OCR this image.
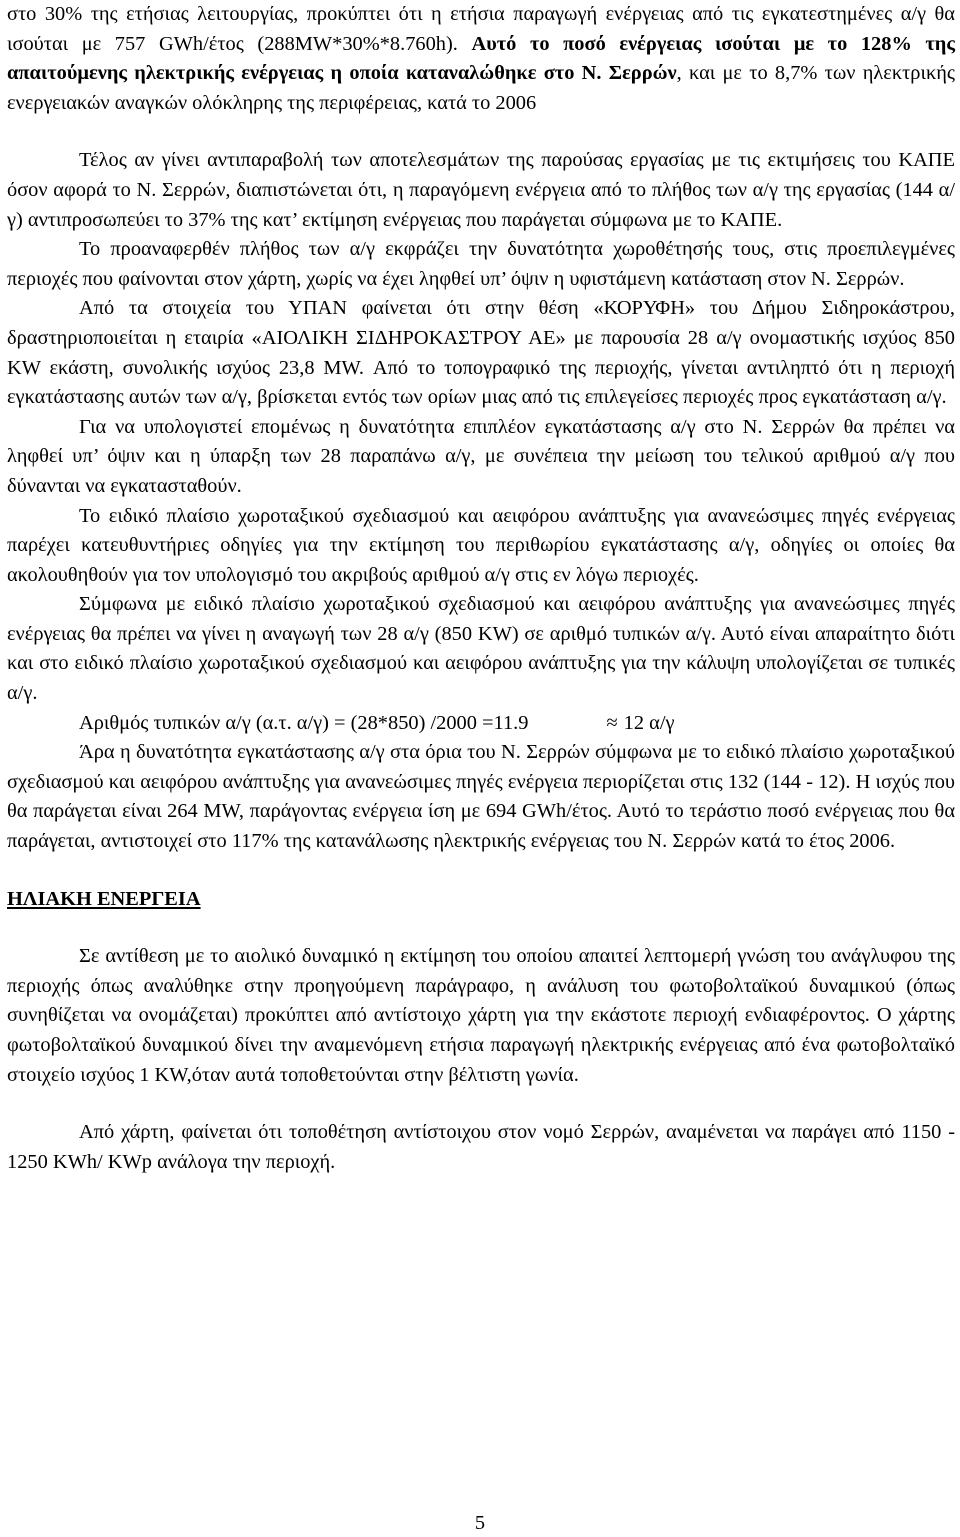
στο 30% της ετήσιας λειτουργίας, προκύπτει ότι η ετήσια παραγωγή ενέργειας από τις εγκατεστημένες α/γ θα ισούται με 757 GWh/έτος (288MW*30%*8.760h). Αυτό το ποσό ενέργειας ισούται με το 128% της απαιτούμενης ηλεκτρικής ενέργειας η οποία καταναλώθηκε στο Ν. Σερρών, και με το 8,7% των ηλεκτρικής ενεργειακών αναγκών ολόκληρης της περιφέρειας, κατά το 2006

Τέλος αν γίνει αντιπαραβολή των αποτελεσμάτων της παρούσας εργασίας με τις εκτιμήσεις του ΚΑΠΕ όσον αφορά το Ν. Σερρών, διαπιστώνεται ότι, η παραγόμενη ενέργεια από το πλήθος των α/γ της εργασίας (144 α/γ) αντιπροσωπεύει το 37% της κατ’ εκτίμηση ενέργειας που παράγεται σύμφωνα με το ΚΑΠΕ.

Το προαναφερθέν πλήθος των α/γ εκφράζει την δυνατότητα χωροθέτησής τους, στις προεπιλεγμένες περιοχές που φαίνονται στον χάρτη, χωρίς να έχει ληφθεί υπ’ όψιν η υφιστάμενη κατάσταση στον Ν. Σερρών.

Από τα στοιχεία του ΥΠΑΝ φαίνεται ότι στην θέση «ΚΟΡΥΦΗ» του Δήμου Σιδηροκάστρου, δραστηριοποιείται η εταιρία «ΑΙΟΛΙΚΗ ΣΙΔΗΡΟΚΑΣΤΡΟΥ ΑΕ» με παρουσία 28 α/γ ονομαστικής ισχύος 850 KW εκάστη, συνολικής ισχύος 23,8 MW. Από το τοπογραφικό της περιοχής, γίνεται αντιληπτό ότι η περιοχή εγκατάστασης αυτών των α/γ, βρίσκεται εντός των ορίων μιας από τις επιλεγείσες περιοχές προς εγκατάσταση α/γ.

Για να υπολογιστεί επομένως η δυνατότητα επιπλέον εγκατάστασης α/γ στο Ν. Σερρών θα πρέπει να ληφθεί υπ’ όψιν και η ύπαρξη των 28 παραπάνω α/γ, με συνέπεια την μείωση του τελικού αριθμού α/γ που δύνανται να εγκατασταθούν.

Το ειδικό πλαίσιο χωροταξικού σχεδιασμού και αειφόρου ανάπτυξης για ανανεώσιμες πηγές ενέργειας παρέχει κατευθυντήριες οδηγίες για την εκτίμηση του περιθωρίου εγκατάστασης α/γ, οδηγίες οι οποίες θα ακολουθηθούν για τον υπολογισμό του ακριβούς αριθμού α/γ στις εν λόγω περιοχές.

Σύμφωνα με ειδικό πλαίσιο χωροταξικού σχεδιασμού και αειφόρου ανάπτυξης για ανανεώσιμες πηγές ενέργειας θα πρέπει να γίνει η αναγωγή των 28 α/γ (850 KW) σε αριθμό τυπικών α/γ. Αυτό είναι απαραίτητο διότι και στο ειδικό πλαίσιο χωροταξικού σχεδιασμού και αειφόρου ανάπτυξης για την κάλυψη υπολογίζεται σε τυπικές α/γ.

Αριθμός τυπικών α/γ (α.τ. α/γ) = (28*850) /2000 =11.9	≈ 12 α/γ

Άρα η δυνατότητα εγκατάστασης α/γ στα όρια του Ν. Σερρών σύμφωνα με το ειδικό πλαίσιο χωροταξικού σχεδιασμού και αειφόρου ανάπτυξης για ανανεώσιμες πηγές ενέργεια περιορίζεται στις 132 (144 - 12). Η ισχύς που θα παράγεται είναι 264 MW, παράγοντας ενέργεια ίση με 694 GWh/έτος. Αυτό το τεράστιο ποσό ενέργειας που θα παράγεται, αντιστοιχεί στο 117% της κατανάλωσης ηλεκτρικής ενέργειας του Ν. Σερρών κατά το έτος 2006.

ΗΛΙΑΚΗ ΕΝΕΡΓΕΙΑ

Σε αντίθεση με το αιολικό δυναμικό η εκτίμηση του οποίου απαιτεί λεπτομερή γνώση του ανάγλυφου της περιοχής όπως αναλύθηκε στην προηγούμενη παράγραφο, η ανάλυση του φωτοβολταϊκού δυναμικού (όπως συνηθίζεται να ονομάζεται) προκύπτει από αντίστοιχο χάρτη για την εκάστοτε περιοχή ενδιαφέροντος. Ο χάρτης φωτοβολταϊκού δυναμικού δίνει την αναμενόμενη ετήσια παραγωγή ηλεκτρικής ενέργειας από ένα φωτοβολταϊκό στοιχείο ισχύος 1 KW,όταν αυτά τοποθετούνται στην βέλτιστη γωνία.

Από χάρτη, φαίνεται ότι τοποθέτηση αντίστοιχου στον νομό Σερρών, αναμένεται να παράγει από 1150 - 1250 KWh/ KWp ανάλογα την περιοχή.

5
